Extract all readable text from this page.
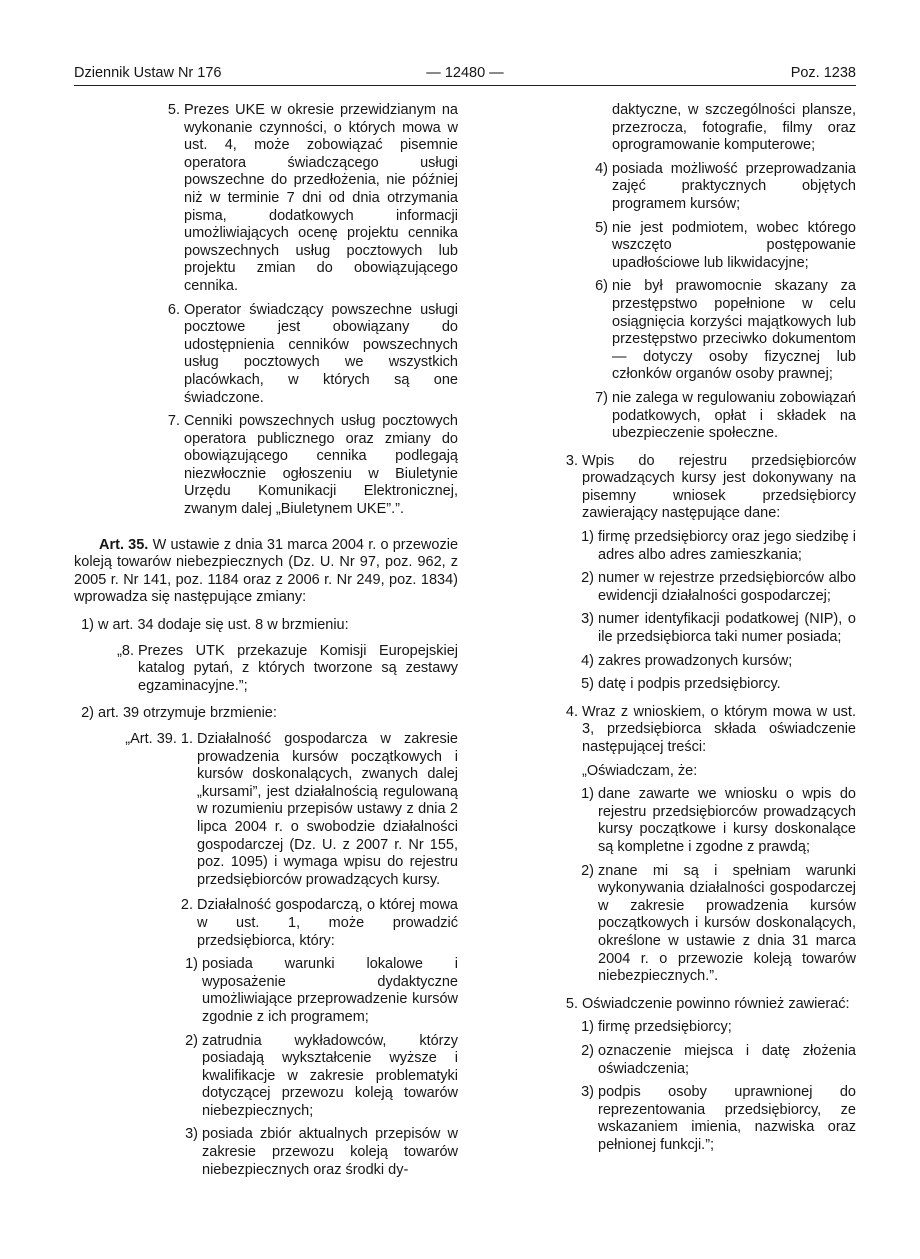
Dziennik Ustaw Nr 176	— 12480 —	Poz. 1238
5. Prezes UKE w okresie przewidzianym na wykonanie czynności, o których mowa w ust. 4, może zobowiązać pisemnie operatora świadczącego usługi powszechne do przedłożenia, nie później niż w terminie 7 dni od dnia otrzymania pisma, dodatkowych informacji umożliwiających ocenę projektu cennika powszechnych usług pocztowych lub projektu zmian do obowiązującego cennika.
6. Operator świadczący powszechne usługi pocztowe jest obowiązany do udostępnienia cenników powszechnych usług pocztowych we wszystkich placówkach, w których są one świadczone.
7. Cenniki powszechnych usług pocztowych operatora publicznego oraz zmiany do obowiązującego cennika podlegają niezwłocznie ogłoszeniu w Biuletynie Urzędu Komunikacji Elektronicznej, zwanym dalej „Biuletynem UKE”.”.
Art. 35. W ustawie z dnia 31 marca 2004 r. o przewozie koleją towarów niebezpiecznych (Dz. U. Nr 97, poz. 962, z 2005 r. Nr 141, poz. 1184 oraz z 2006 r. Nr 249, poz. 1834) wprowadza się następujące zmiany:
1) w art. 34 dodaje się ust. 8 w brzmieniu:
„8. Prezes UTK przekazuje Komisji Europejskiej katalog pytań, z których tworzone są zestawy egzaminacyjne.”;
2) art. 39 otrzymuje brzmienie:
„Art. 39. 1. Działalność gospodarcza w zakresie prowadzenia kursów początkowych i kursów doskonalących, zwanych dalej „kursami”, jest działalnością regulowaną w rozumieniu przepisów ustawy z dnia 2 lipca 2004 r. o swobodzie działalności gospodarczej (Dz. U. z 2007 r. Nr 155, poz. 1095) i wymaga wpisu do rejestru przedsiębiorców prowadzących kursy.
2. Działalność gospodarczą, o której mowa w ust. 1, może prowadzić przedsiębiorca, który:
1) posiada warunki lokalowe i wyposażenie dydaktyczne umożliwiające przeprowadzenie kursów zgodnie z ich programem;
2) zatrudnia wykładowców, którzy posiadają wykształcenie wyższe i kwalifikacje w zakresie problematyki dotyczącej przewozu koleją towarów niebezpiecznych;
3) posiada zbiór aktualnych przepisów w zakresie przewozu koleją towarów niebezpiecznych oraz środki dy-
daktyczne, w szczególności plansze, przezrocza, fotografie, filmy oraz oprogramowanie komputerowe;
4) posiada możliwość przeprowadzania zajęć praktycznych objętych programem kursów;
5) nie jest podmiotem, wobec którego wszczęto postępowanie upadłościowe lub likwidacyjne;
6) nie był prawomocnie skazany za przestępstwo popełnione w celu osiągnięcia korzyści majątkowych lub przestępstwo przeciwko dokumentom — dotyczy osoby fizycznej lub członków organów osoby prawnej;
7) nie zalega w regulowaniu zobowiązań podatkowych, opłat i składek na ubezpieczenie społeczne.
3. Wpis do rejestru przedsiębiorców prowadzących kursy jest dokonywany na pisemny wniosek przedsiębiorcy zawierający następujące dane:
1) firmę przedsiębiorcy oraz jego siedzibę i adres albo adres zamieszkania;
2) numer w rejestrze przedsiębiorców albo ewidencji działalności gospodarczej;
3) numer identyfikacji podatkowej (NIP), o ile przedsiębiorca taki numer posiada;
4) zakres prowadzonych kursów;
5) datę i podpis przedsiębiorcy.
4. Wraz z wnioskiem, o którym mowa w ust. 3, przedsiębiorca składa oświadczenie następującej treści:
„Oświadczam, że:
1) dane zawarte we wniosku o wpis do rejestru przedsiębiorców prowadzących kursy początkowe i kursy doskonalące są kompletne i zgodne z prawdą;
2) znane mi są i spełniam warunki wykonywania działalności gospodarczej w zakresie prowadzenia kursów początkowych i kursów doskonalących, określone w ustawie z dnia 31 marca 2004 r. o przewozie koleją towarów niebezpiecznych.”.
5. Oświadczenie powinno również zawierać:
1) firmę przedsiębiorcy;
2) oznaczenie miejsca i datę złożenia oświadczenia;
3) podpis osoby uprawnionej do reprezentowania przedsiębiorcy, ze wskazaniem imienia, nazwiska oraz pełnionej funkcji.”;
